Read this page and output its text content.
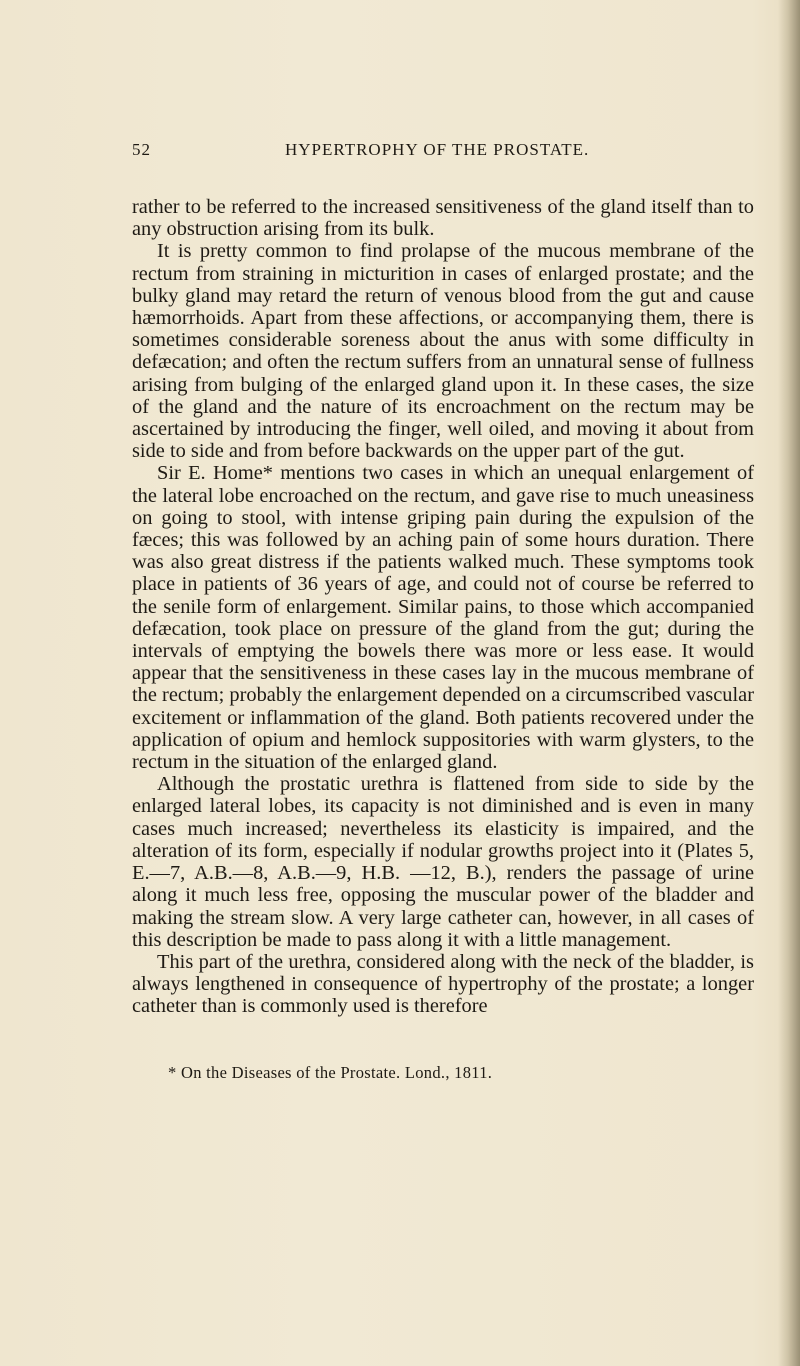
52	HYPERTROPHY OF THE PROSTATE.

rather to be referred to the increased sensitiveness of the gland itself than to any obstruction arising from its bulk.

It is pretty common to find prolapse of the mucous membrane of the rectum from straining in micturition in cases of enlarged prostate; and the bulky gland may retard the return of venous blood from the gut and cause hæmorrhoids. Apart from these affections, or accompanying them, there is sometimes considerable soreness about the anus with some difficulty in defæcation; and often the rectum suffers from an unnatural sense of fullness arising from bulging of the enlarged gland upon it. In these cases, the size of the gland and the nature of its encroachment on the rectum may be ascertained by introducing the finger, well oiled, and moving it about from side to side and from before backwards on the upper part of the gut.

Sir E. Home* mentions two cases in which an unequal enlargement of the lateral lobe encroached on the rectum, and gave rise to much uneasiness on going to stool, with intense griping pain during the expulsion of the fæces; this was followed by an aching pain of some hours duration. There was also great distress if the patients walked much. These symptoms took place in patients of 36 years of age, and could not of course be referred to the senile form of enlargement. Similar pains, to those which accompanied defæcation, took place on pressure of the gland from the gut; during the intervals of emptying the bowels there was more or less ease. It would appear that the sensitiveness in these cases lay in the mucous membrane of the rectum; probably the enlargement depended on a circumscribed vascular excitement or inflammation of the gland. Both patients recovered under the application of opium and hemlock suppositories with warm glysters, to the rectum in the situation of the enlarged gland.

Although the prostatic urethra is flattened from side to side by the enlarged lateral lobes, its capacity is not diminished and is even in many cases much increased; nevertheless its elasticity is impaired, and the alteration of its form, especially if nodular growths project into it (Plates 5, E.—7, A.B.—8, A.B.—9, H.B. —12, B.), renders the passage of urine along it much less free, opposing the muscular power of the bladder and making the stream slow. A very large catheter can, however, in all cases of this description be made to pass along it with a little management.

This part of the urethra, considered along with the neck of the bladder, is always lengthened in consequence of hypertrophy of the prostate; a longer catheter than is commonly used is therefore

* On the Diseases of the Prostate. Lond., 1811.
